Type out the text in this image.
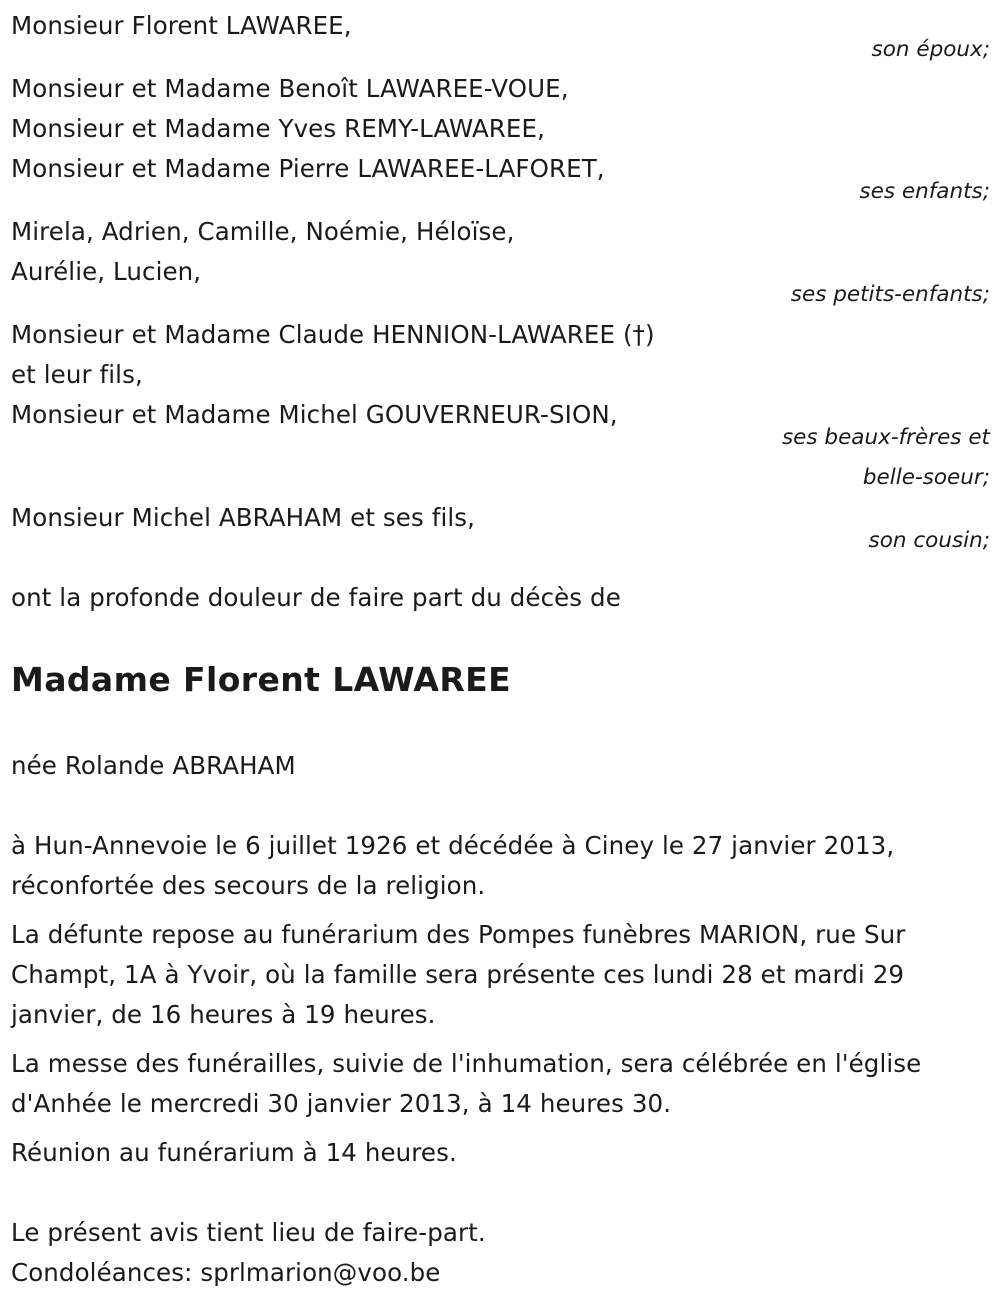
Monsieur Florent LAWAREE,
son époux;
Monsieur et Madame Benoît LAWAREE-VOUE,
Monsieur et Madame Yves REMY-LAWAREE,
Monsieur et Madame Pierre LAWAREE-LAFORET,
ses enfants;
Mirela, Adrien, Camille, Noémie, Héloïse,
Aurélie, Lucien,
ses petits-enfants;
Monsieur et Madame Claude HENNION-LAWAREE (†)
et leur fils,
Monsieur et Madame Michel GOUVERNEUR-SION,
ses beaux-frères et
belle-soeur;
Monsieur Michel ABRAHAM et ses fils,
son cousin;
ont la profonde douleur de faire part du décès de
Madame Florent LAWAREE
née Rolande ABRAHAM
à Hun-Annevoie le 6 juillet 1926 et décédée à Ciney le 27 janvier 2013,
réconfortée des secours de la religion.
La défunte repose au funérarium des Pompes funèbres MARION, rue Sur
Champt, 1A à Yvoir, où la famille sera présente ces lundi 28 et mardi 29
janvier, de 16 heures à 19 heures.
La messe des funérailles, suivie de l'inhumation, sera célébrée en l'église
d'Anhée le mercredi 30 janvier 2013, à 14 heures 30.
Réunion au funérarium à 14 heures.
Le présent avis tient lieu de faire-part.
Condoléances: sprlmarion@voo.be
